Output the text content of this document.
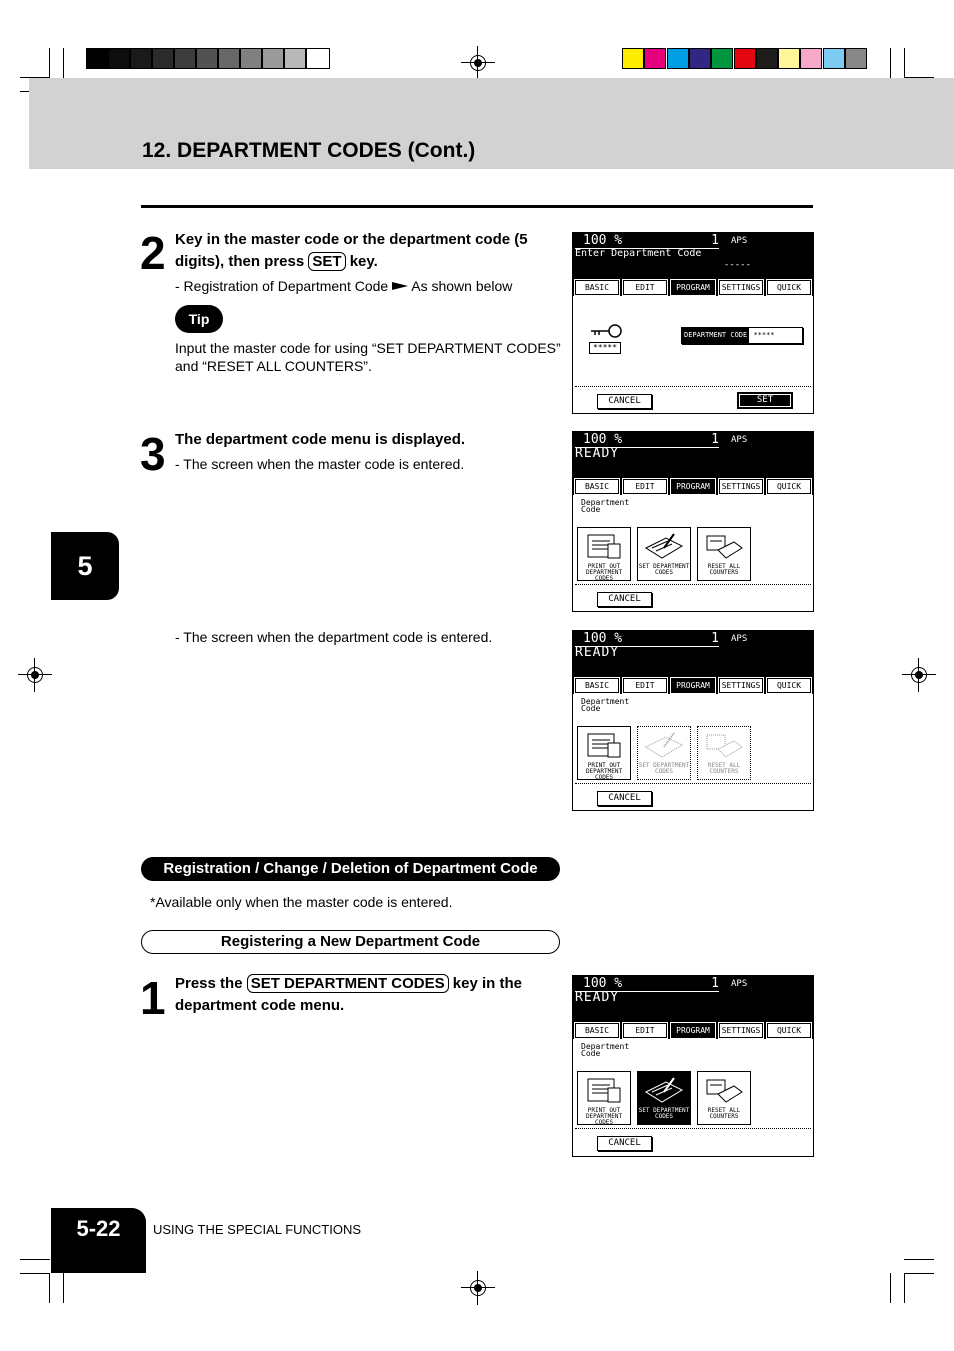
12. DEPARTMENT CODES (Cont.)
2 Key in the master code or the department code (5
digits), then press SET key.
- Registration of Department Code  As shown below
Tip
Input the master code for using “SET DEPARTMENT CODES”
and “RESET ALL COUNTERS”.
100 %	1 APS
Enter Department Code
-----
BASIC	EDIT	PROGRAM	SETTINGS	QUICK
*****
DEPARTMENT CODE *****
CANCEL	SET
3 The department code menu is displayed.
- The screen when the master code is entered.
- The screen when the department code is entered.
5
100 %	1 APS
READY
BASIC	EDIT	PROGRAM	SETTINGS	QUICK
Department Code
PRINT OUT DEPARTMENT CODES
SET DEPARTMENT CODES
RESET ALL COUNTERS
CANCEL
100 %	1 APS
READY
BASIC	EDIT	PROGRAM	SETTINGS	QUICK
Department Code
PRINT OUT DEPARTMENT CODES
SET DEPARTMENT CODES
RESET ALL COUNTERS
CANCEL
Registration / Change / Deletion of Department Code
*Available only when the master code is entered.
Registering a New Department Code
1 Press the SET DEPARTMENT CODES key in the
department code menu.
100 %	1 APS
READY
BASIC	EDIT	PROGRAM	SETTINGS	QUICK
Department Code
PRINT OUT DEPARTMENT CODES
SET DEPARTMENT CODES
RESET ALL COUNTERS
CANCEL
5-22	USING THE SPECIAL FUNCTIONS
